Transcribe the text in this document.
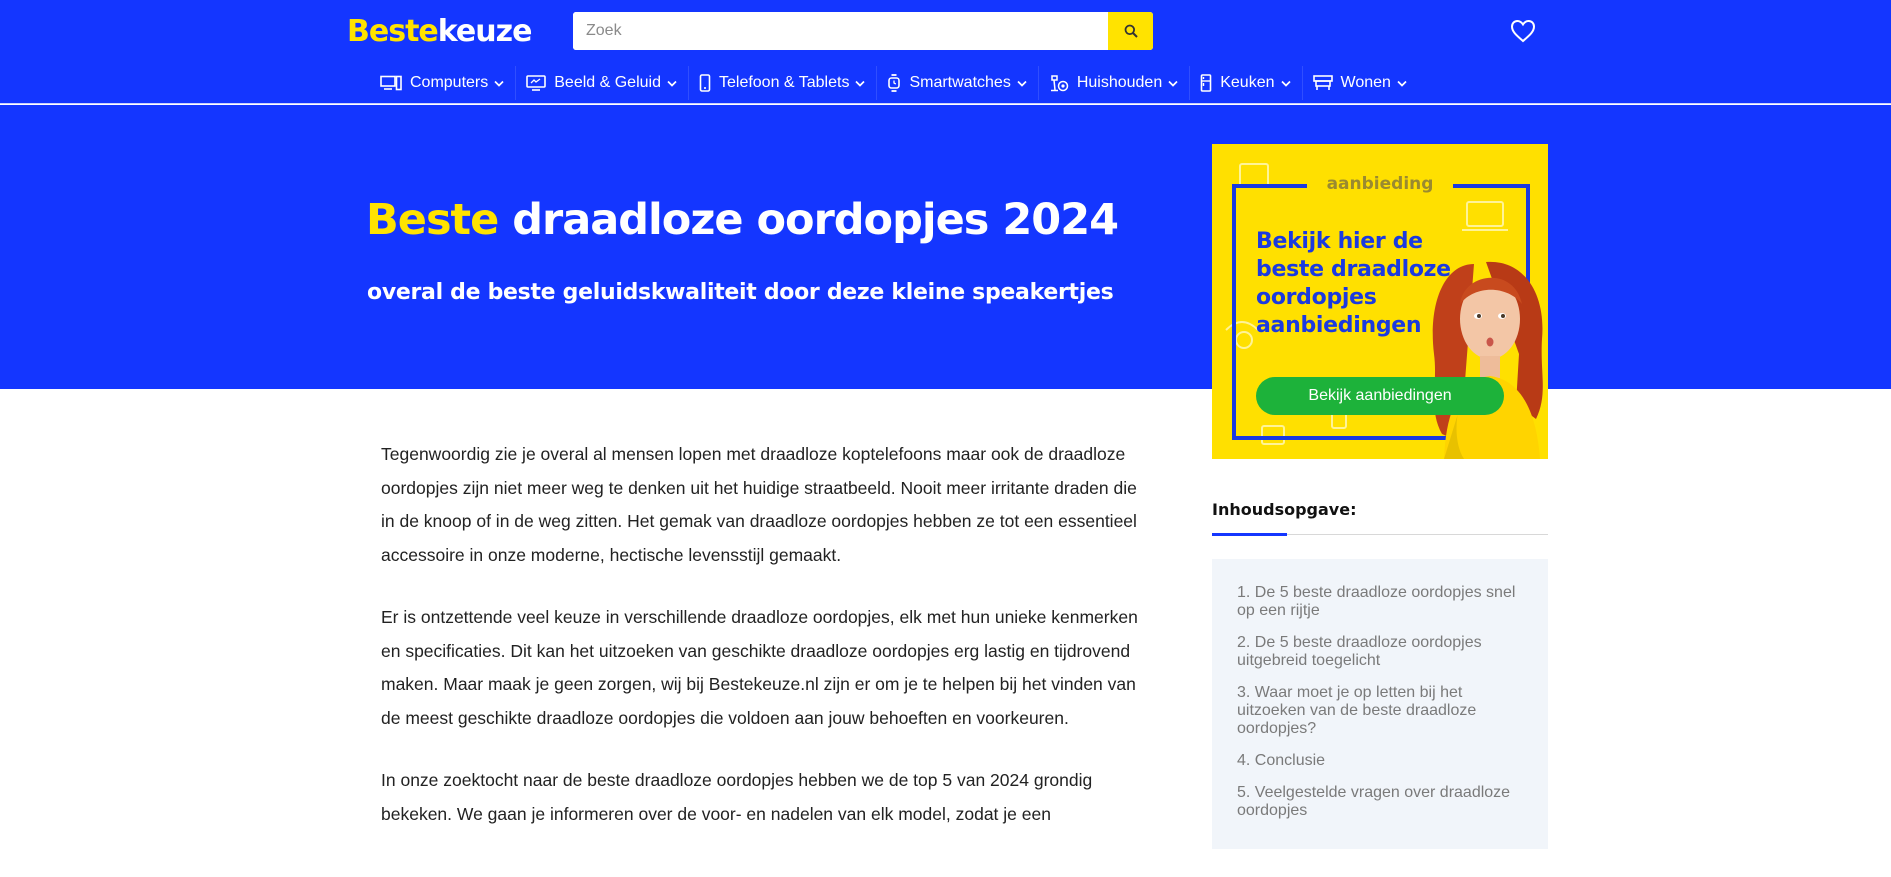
Bestekeuze
Zoek
Computers	Beeld & Geluid	Telefoon & Tablets	Smartwatches	Huishouden	Keuken	Wonen
Beste draadloze oordopjes 2024
overal de beste geluidskwaliteit door deze kleine speakertjes
aanbieding
Bekijk hier de beste draadloze oordopjes aanbiedingen
Bekijk aanbiedingen

Tegenwoordig zie je overal al mensen lopen met draadloze koptelefoons maar ook de draadloze oordopjes zijn niet meer weg te denken uit het huidige straatbeeld. Nooit meer irritante draden die in de knoop of in de weg zitten. Het gemak van draadloze oordopjes hebben ze tot een essentieel accessoire in onze moderne, hectische levensstijl gemaakt.

Er is ontzettende veel keuze in verschillende draadloze oordopjes, elk met hun unieke kenmerken en specificaties. Dit kan het uitzoeken van geschikte draadloze oordopjes erg lastig en tijdrovend maken. Maar maak je geen zorgen, wij bij Bestekeuze.nl zijn er om je te helpen bij het vinden van de meest geschikte draadloze oordopjes die voldoen aan jouw behoeften en voorkeuren.

In onze zoektocht naar de beste draadloze oordopjes hebben we de top 5 van 2024 grondig bekeken. We gaan je informeren over de voor- en nadelen van elk model, zodat je een

Inhoudsopgave:
1. De 5 beste draadloze oordopjes snel op een rijtje
2. De 5 beste draadloze oordopjes uitgebreid toegelicht
3. Waar moet je op letten bij het uitzoeken van de beste draadloze oordopjes?
4. Conclusie
5. Veelgestelde vragen over draadloze oordopjes
